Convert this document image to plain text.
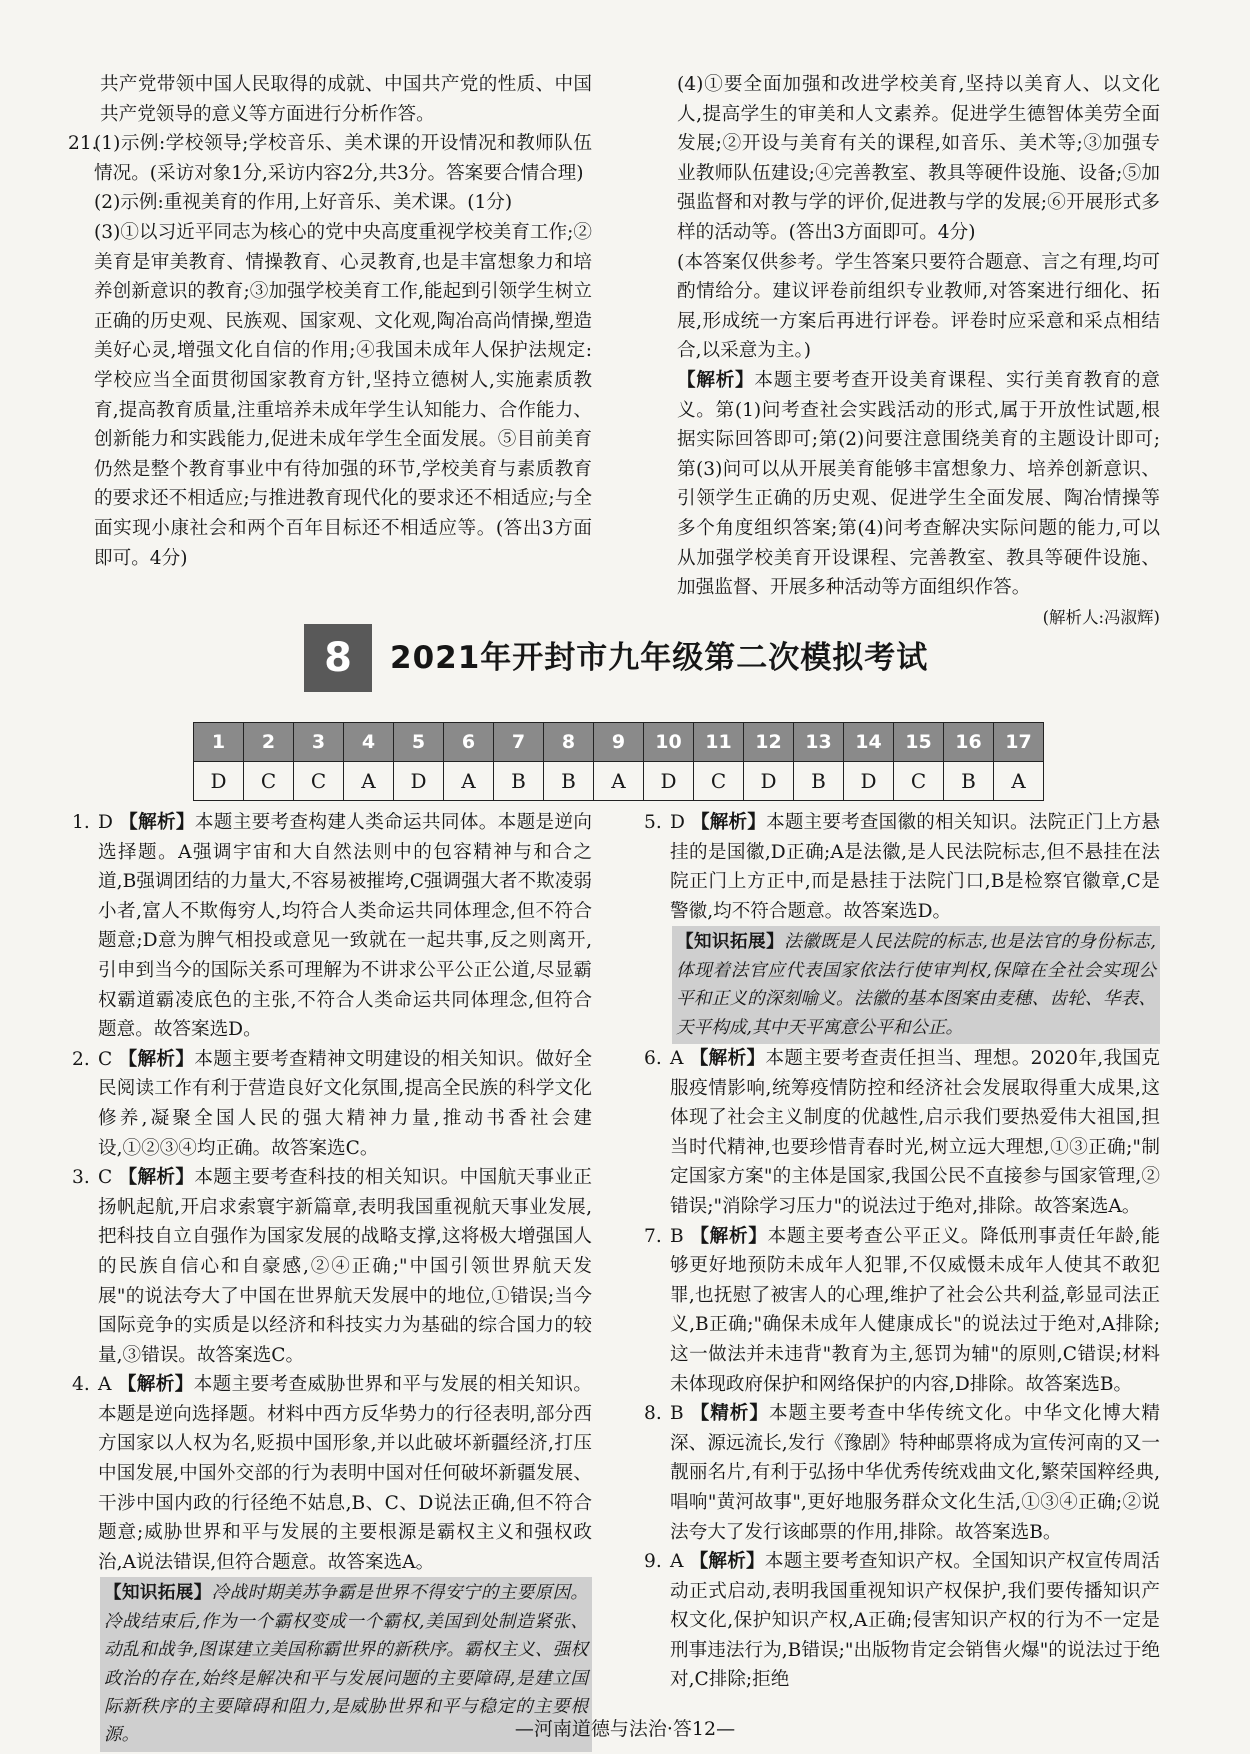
共产党带领中国人民取得的成就、中国共产党的性质、中国共产党领导的意义等方面进行分析作答。

21.

(1)示例:学校领导;学校音乐、美术课的开设情况和教师队伍情况。(采访对象1分,采访内容2分,共3分。答案要合情合理)

(2)示例:重视美育的作用,上好音乐、美术课。(1分)

(3)①以习近平同志为核心的党中央高度重视学校美育工作;②美育是审美教育、情操教育、心灵教育,也是丰富想象力和培养创新意识的教育;③加强学校美育工作,能起到引领学生树立正确的历史观、民族观、国家观、文化观,陶冶高尚情操,塑造美好心灵,增强文化自信的作用;④我国未成年人保护法规定:学校应当全面贯彻国家教育方针,坚持立德树人,实施素质教育,提高教育质量,注重培养未成年学生认知能力、合作能力、创新能力和实践能力,促进未成年学生全面发展。⑤目前美育仍然是整个教育事业中有待加强的环节,学校美育与素质教育的要求还不相适应;与推进教育现代化的要求还不相适应;与全面实现小康社会和两个百年目标还不相适应等。(答出3方面即可。4分)

(4)①要全面加强和改进学校美育,坚持以美育人、以文化人,提高学生的审美和人文素养。促进学生德智体美劳全面发展;②开设与美育有关的课程,如音乐、美术等;③加强专业教师队伍建设;④完善教室、教具等硬件设施、设备;⑤加强监督和对教与学的评价,促进教与学的发展;⑥开展形式多样的活动等。(答出3方面即可。4分)

(本答案仅供参考。学生答案只要符合题意、言之有理,均可酌情给分。建议评卷前组织专业教师,对答案进行细化、拓展,形成统一方案后再进行评卷。评卷时应采意和采点相结合,以采意为主。)

【解析】本题主要考查开设美育课程、实行美育教育的意义。第(1)问考查社会实践活动的形式,属于开放性试题,根据实际回答即可;第(2)问要注意围绕美育的主题设计即可;第(3)问可以从开展美育能够丰富想象力、培养创新意识、引领学生正确的历史观、促进学生全面发展、陶冶情操等多个角度组织答案;第(4)问考查解决实际问题的能力,可以从加强学校美育开设课程、完善教室、教具等硬件设施、加强监督、开展多种活动等方面组织作答。

(解析人:冯淑辉)

8	2021年开封市九年级第二次模拟考试
1	2	3	4	5	6	7	8	9	10	11	12	13	14	15	16	17
D	C	C	A	D	A	B	B	A	D	C	D	B	D	C	B	A
1. D 【解析】本题主要考查构建人类命运共同体。本题是逆向选择题。A强调宇宙和大自然法则中的包容精神与和合之道,B强调团结的力量大,不容易被摧垮,C强调强大者不欺凌弱小者,富人不欺侮穷人,均符合人类命运共同体理念,但不符合题意;D意为脾气相投或意见一致就在一起共事,反之则离开,引申到当今的国际关系可理解为不讲求公平公正公道,尽显霸权霸道霸凌底色的主张,不符合人类命运共同体理念,但符合题意。故答案选D。

2. C 【解析】本题主要考查精神文明建设的相关知识。做好全民阅读工作有利于营造良好文化氛围,提高全民族的科学文化修养,凝聚全国人民的强大精神力量,推动书香社会建设,①②③④均正确。故答案选C。

3. C 【解析】本题主要考查科技的相关知识。中国航天事业正扬帆起航,开启求索寰宇新篇章,表明我国重视航天事业发展,把科技自立自强作为国家发展的战略支撑,这将极大增强国人的民族自信心和自豪感,②④正确;"中国引领世界航天发展"的说法夸大了中国在世界航天发展中的地位,①错误;当今国际竞争的实质是以经济和科技实力为基础的综合国力的较量,③错误。故答案选C。

4. A 【解析】本题主要考查威胁世界和平与发展的相关知识。本题是逆向选择题。材料中西方反华势力的行径表明,部分西方国家以人权为名,贬损中国形象,并以此破坏新疆经济,打压中国发展,中国外交部的行为表明中国对任何破坏新疆发展、干涉中国内政的行径绝不姑息,B、C、D说法正确,但不符合题意;威胁世界和平与发展的主要根源是霸权主义和强权政治,A说法错误,但符合题意。故答案选A。

【知识拓展】冷战时期美苏争霸是世界不得安宁的主要原因。冷战结束后,作为一个霸权变成一个霸权,美国到处制造紧张、动乱和战争,图谋建立美国称霸世界的新秩序。霸权主义、强权政治的存在,始终是解决和平与发展问题的主要障碍,是建立国际新秩序的主要障碍和阻力,是威胁世界和平与稳定的主要根源。

5. D 【解析】本题主要考查国徽的相关知识。法院正门上方悬挂的是国徽,D正确;A是法徽,是人民法院标志,但不悬挂在法院正门上方正中,而是悬挂于法院门口,B是检察官徽章,C是警徽,均不符合题意。故答案选D。

【知识拓展】法徽既是人民法院的标志,也是法官的身份标志,体现着法官应代表国家依法行使审判权,保障在全社会实现公平和正义的深刻喻义。法徽的基本图案由麦穗、齿轮、华表、天平构成,其中天平寓意公平和公正。

6. A 【解析】本题主要考查责任担当、理想。2020年,我国克服疫情影响,统筹疫情防控和经济社会发展取得重大成果,这体现了社会主义制度的优越性,启示我们要热爱伟大祖国,担当时代精神,也要珍惜青春时光,树立远大理想,①③正确;"制定国家方案"的主体是国家,我国公民不直接参与国家管理,②错误;"消除学习压力"的说法过于绝对,排除。故答案选A。

7. B 【解析】本题主要考查公平正义。降低刑事责任年龄,能够更好地预防未成年人犯罪,不仅威慑未成年人使其不敢犯罪,也抚慰了被害人的心理,维护了社会公共利益,彰显司法正义,B正确;"确保未成年人健康成长"的说法过于绝对,A排除;这一做法并未违背"教育为主,惩罚为辅"的原则,C错误;材料未体现政府保护和网络保护的内容,D排除。故答案选B。

8. B 【精析】本题主要考查中华传统文化。中华文化博大精深、源远流长,发行《豫剧》特种邮票将成为宣传河南的又一靓丽名片,有利于弘扬中华优秀传统戏曲文化,繁荣国粹经典,唱响"黄河故事",更好地服务群众文化生活,①③④正确;②说法夸大了发行该邮票的作用,排除。故答案选B。

9. A 【解析】本题主要考查知识产权。全国知识产权宣传周活动正式启动,表明我国重视知识产权保护,我们要传播知识产权文化,保护知识产权,A正确;侵害知识产权的行为不一定是刑事违法行为,B错误;"出版物肯定会销售火爆"的说法过于绝对,C排除;拒绝

—河南道德与法治·答12—
